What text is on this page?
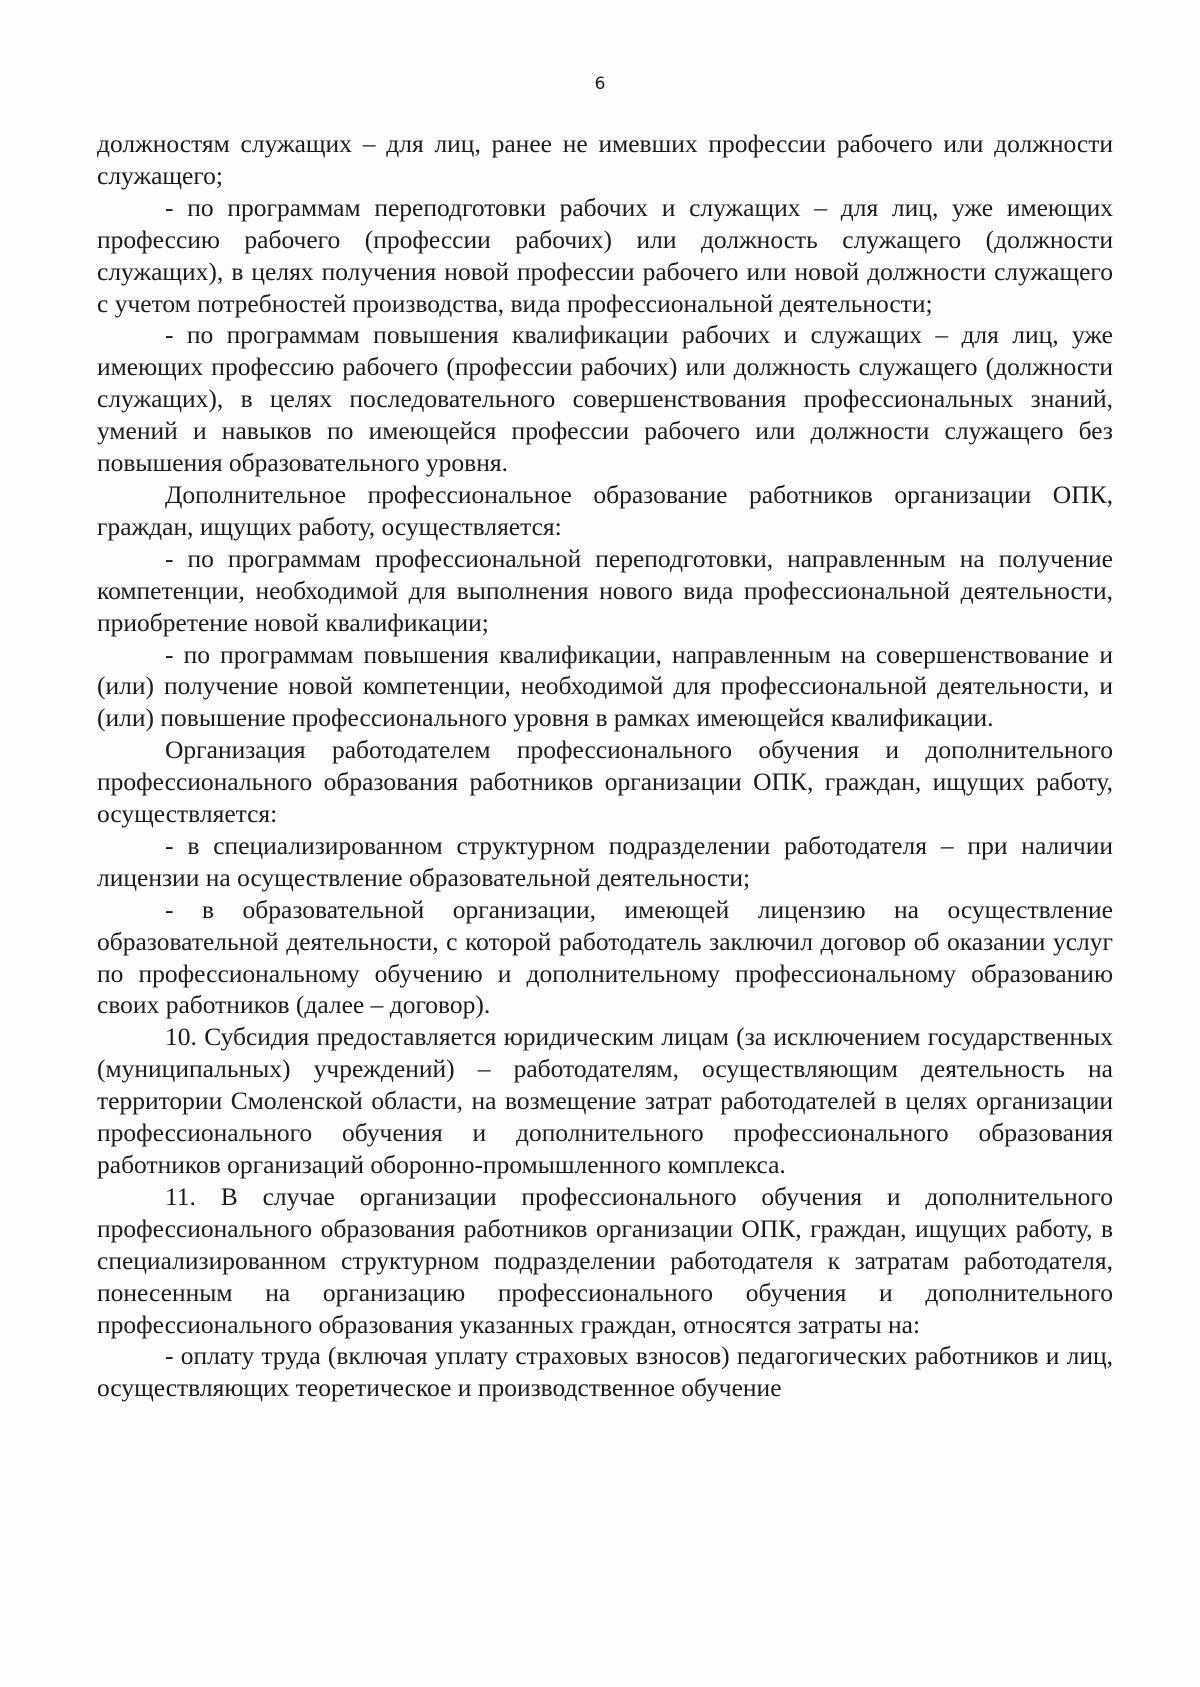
6

должностям служащих – для лиц, ранее не имевших профессии рабочего или должности служащего;

- по программам переподготовки рабочих и служащих – для лиц, уже имеющих профессию рабочего (профессии рабочих) или должность служащего (должности служащих), в целях получения новой профессии рабочего или новой должности служащего с учетом потребностей производства, вида профессиональной деятельности;

- по программам повышения квалификации рабочих и служащих – для лиц, уже имеющих профессию рабочего (профессии рабочих) или должность служащего (должности служащих), в целях последовательного совершенствования профессиональных знаний, умений и навыков по имеющейся профессии рабочего или должности служащего без повышения образовательного уровня.

Дополнительное профессиональное образование работников организации ОПК, граждан, ищущих работу, осуществляется:

- по программам профессиональной переподготовки, направленным на получение компетенции, необходимой для выполнения нового вида профессиональной деятельности, приобретение новой квалификации;

- по программам повышения квалификации, направленным на совершенствование и (или) получение новой компетенции, необходимой для профессиональной деятельности, и (или) повышение профессионального уровня в рамках имеющейся квалификации.

Организация работодателем профессионального обучения и дополнительного профессионального образования работников организации ОПК, граждан, ищущих работу, осуществляется:

- в специализированном структурном подразделении работодателя – при наличии лицензии на осуществление образовательной деятельности;

- в образовательной организации, имеющей лицензию на осуществление образовательной деятельности, с которой работодатель заключил договор об оказании услуг по профессиональному обучению и дополнительному профессиональному образованию своих работников (далее – договор).

10. Субсидия предоставляется юридическим лицам (за исключением государственных (муниципальных) учреждений) – работодателям, осуществляющим деятельность на территории Смоленской области, на возмещение затрат работодателей в целях организации профессионального обучения и дополнительного профессионального образования работников организаций оборонно-промышленного комплекса.

11. В случае организации профессионального обучения и дополнительного профессионального образования работников организации ОПК, граждан, ищущих работу, в специализированном структурном подразделении работодателя к затратам работодателя, понесенным на организацию профессионального обучения и дополнительного профессионального образования указанных граждан, относятся затраты на:

- оплату труда (включая уплату страховых взносов) педагогических работников и лиц, осуществляющих теоретическое и производственное обучение
